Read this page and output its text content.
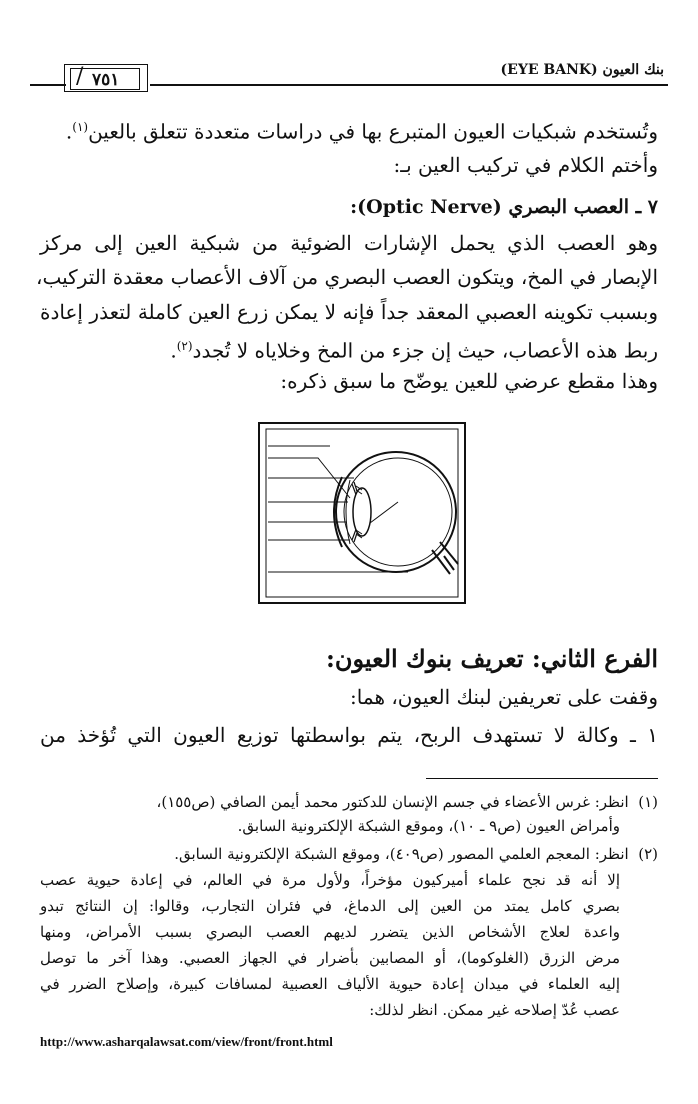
بنك العيون (EYE BANK)
/ ٧٥١
وتُستخدم شبكيات العيون المتبرع بها في دراسات متعددة تتعلق بالعين$^{(١)}$.
وأختم الكلام في تركيب العين بـ:
٧ ـ العصب البصري (Optic Nerve):
وهو العصب الذي يحمل الإشارات الضوئية من شبكية العين إلى مركز
الإبصار في المخ، ويتكون العصب البصري من آلاف الأعصاب معقدة التركيب،
وبسبب تكوينه العصبي المعقد جداً فإنه لا يمكن زرع العين كاملة لتعذر إعادة
ربط هذه الأعصاب، حيث إن جزء من المخ وخلاياه لا تُجدد$^{(٢)}$.
وهذا مقطع عرضي للعين يوضّح ما سبق ذكره:
الفرع الثاني: تعريف بنوك العيون:
وقفت على تعريفين لبنك العيون، هما:
١ ـ وكالة لا تستهدف الربح، يتم بواسطتها توزيع العيون التي تُؤخذ من
(١)  انظر: غرس الأعضاء في جسم الإنسان للدكتور محمد أيمن الصافي (ص١٥٥)،
وأمراض العيون (ص٩ ـ ١٠)، وموقع الشبكة الإلكترونية السابق.
(٢)  انظر: المعجم العلمي المصور (ص٤٠٩)، وموقع الشبكة الإلكترونية السابق.
إلا أنه قد نجح علماء أميركيون مؤخراً، ولأول مرة في العالم، في إعادة حيوية عصب
بصري كامل يمتد من العين إلى الدماغ، في فئران التجارب، وقالوا: إن النتائج تبدو
واعدة لعلاج الأشخاص الذين يتضرر لديهم العصب البصري بسبب الأمراض، ومنها
مرض الزرق (الغلوكوما)، أو المصابين بأضرار في الجهاز العصبي. وهذا آخر ما توصل
إليه العلماء في ميدان إعادة حيوية الألياف العصبية لمسافات كبيرة، وإصلاح الضرر في
عصب عُدّ إصلاحه غير ممكن. انظر لذلك:
http://www.asharqalawsat.com/view/front/front.html
